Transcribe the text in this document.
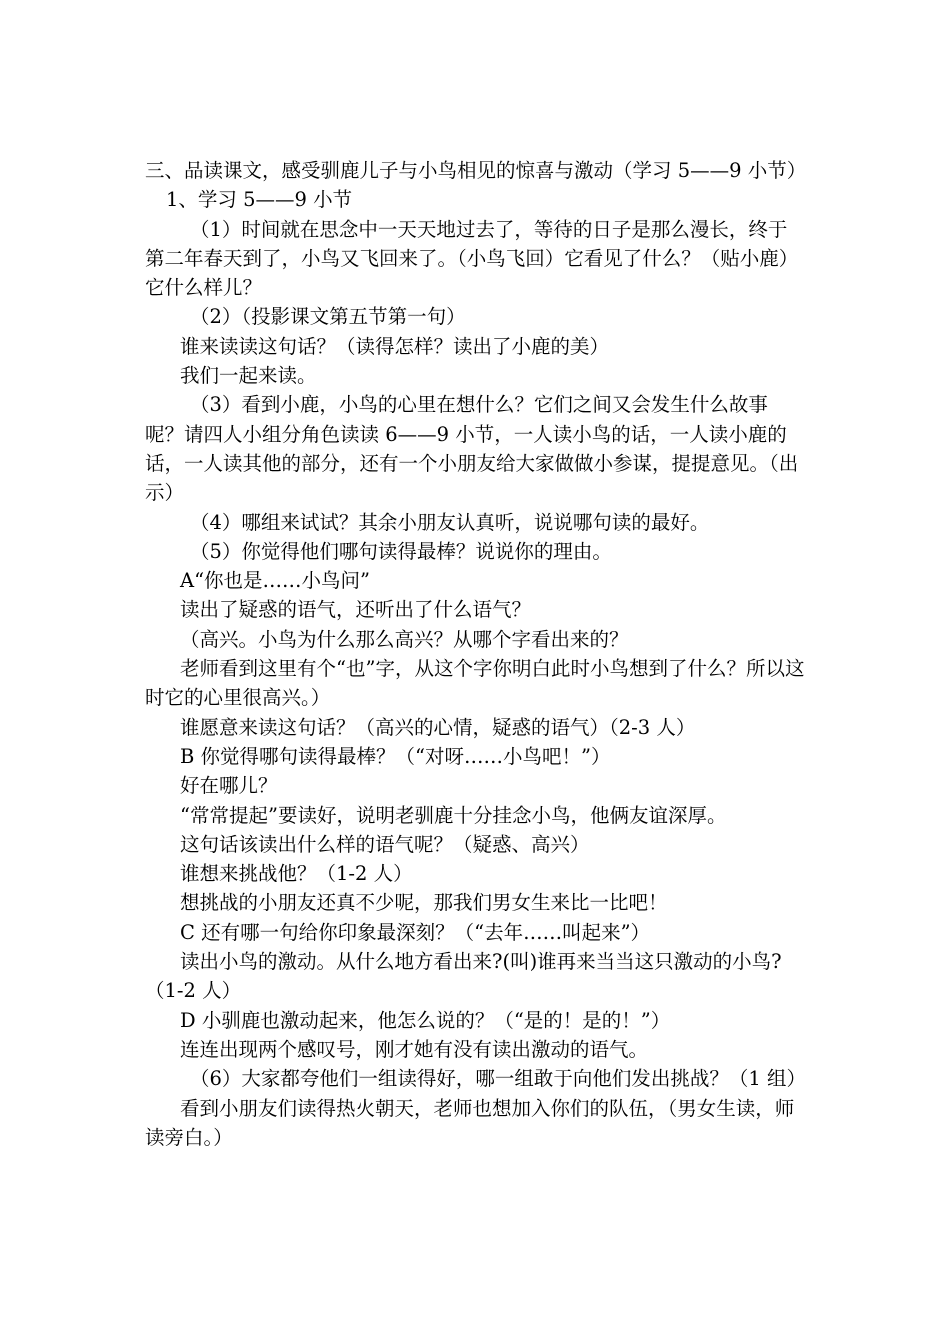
三、品读课文，感受驯鹿儿子与小鸟相见的惊喜与激动（学习 5——9 小节）

1、学习 5——9 小节

（1）时间就在思念中一天天地过去了，等待的日子是那么漫长，终于第二年春天到了，小鸟又飞回来了。（小鸟飞回）它看见了什么？（贴小鹿）它什么样儿？

（2）（投影课文第五节第一句）

谁来读读这句话？（读得怎样？读出了小鹿的美）

我们一起来读。

（3）看到小鹿，小鸟的心里在想什么？它们之间又会发生什么故事呢？请四人小组分角色读读 6——9 小节，一人读小鸟的话，一人读小鹿的话，一人读其他的部分，还有一个小朋友给大家做做小参谋，提提意见。（出示）

（4）哪组来试试？其余小朋友认真听，说说哪句读的最好。

（5）你觉得他们哪句读得最棒？说说你的理由。

A“你也是……小鸟问”

读出了疑惑的语气，还听出了什么语气？

（高兴。小鸟为什么那么高兴？从哪个字看出来的？

老师看到这里有个“也”字，从这个字你明白此时小鸟想到了什么？所以这时它的心里很高兴。）

谁愿意来读这句话？（高兴的心情，疑惑的语气）（2-3 人）

B 你觉得哪句读得最棒？（“对呀……小鸟吧！”）

好在哪儿？

“常常提起”要读好，说明老驯鹿十分挂念小鸟，他俩友谊深厚。

这句话该读出什么样的语气呢？（疑惑、高兴）

谁想来挑战他？（1-2 人）

想挑战的小朋友还真不少呢，那我们男女生来比一比吧！

C 还有哪一句给你印象最深刻？（“去年……叫起来”）

读出小鸟的激动。从什么地方看出来?(叫)谁再来当当这只激动的小鸟?（1-2 人）

D 小驯鹿也激动起来，他怎么说的？（“是的！是的！”）

连连出现两个感叹号，刚才她有没有读出激动的语气。

（6）大家都夸他们一组读得好，哪一组敢于向他们发出挑战？（1 组）

看到小朋友们读得热火朝天，老师也想加入你们的队伍，（男女生读，师读旁白。）
